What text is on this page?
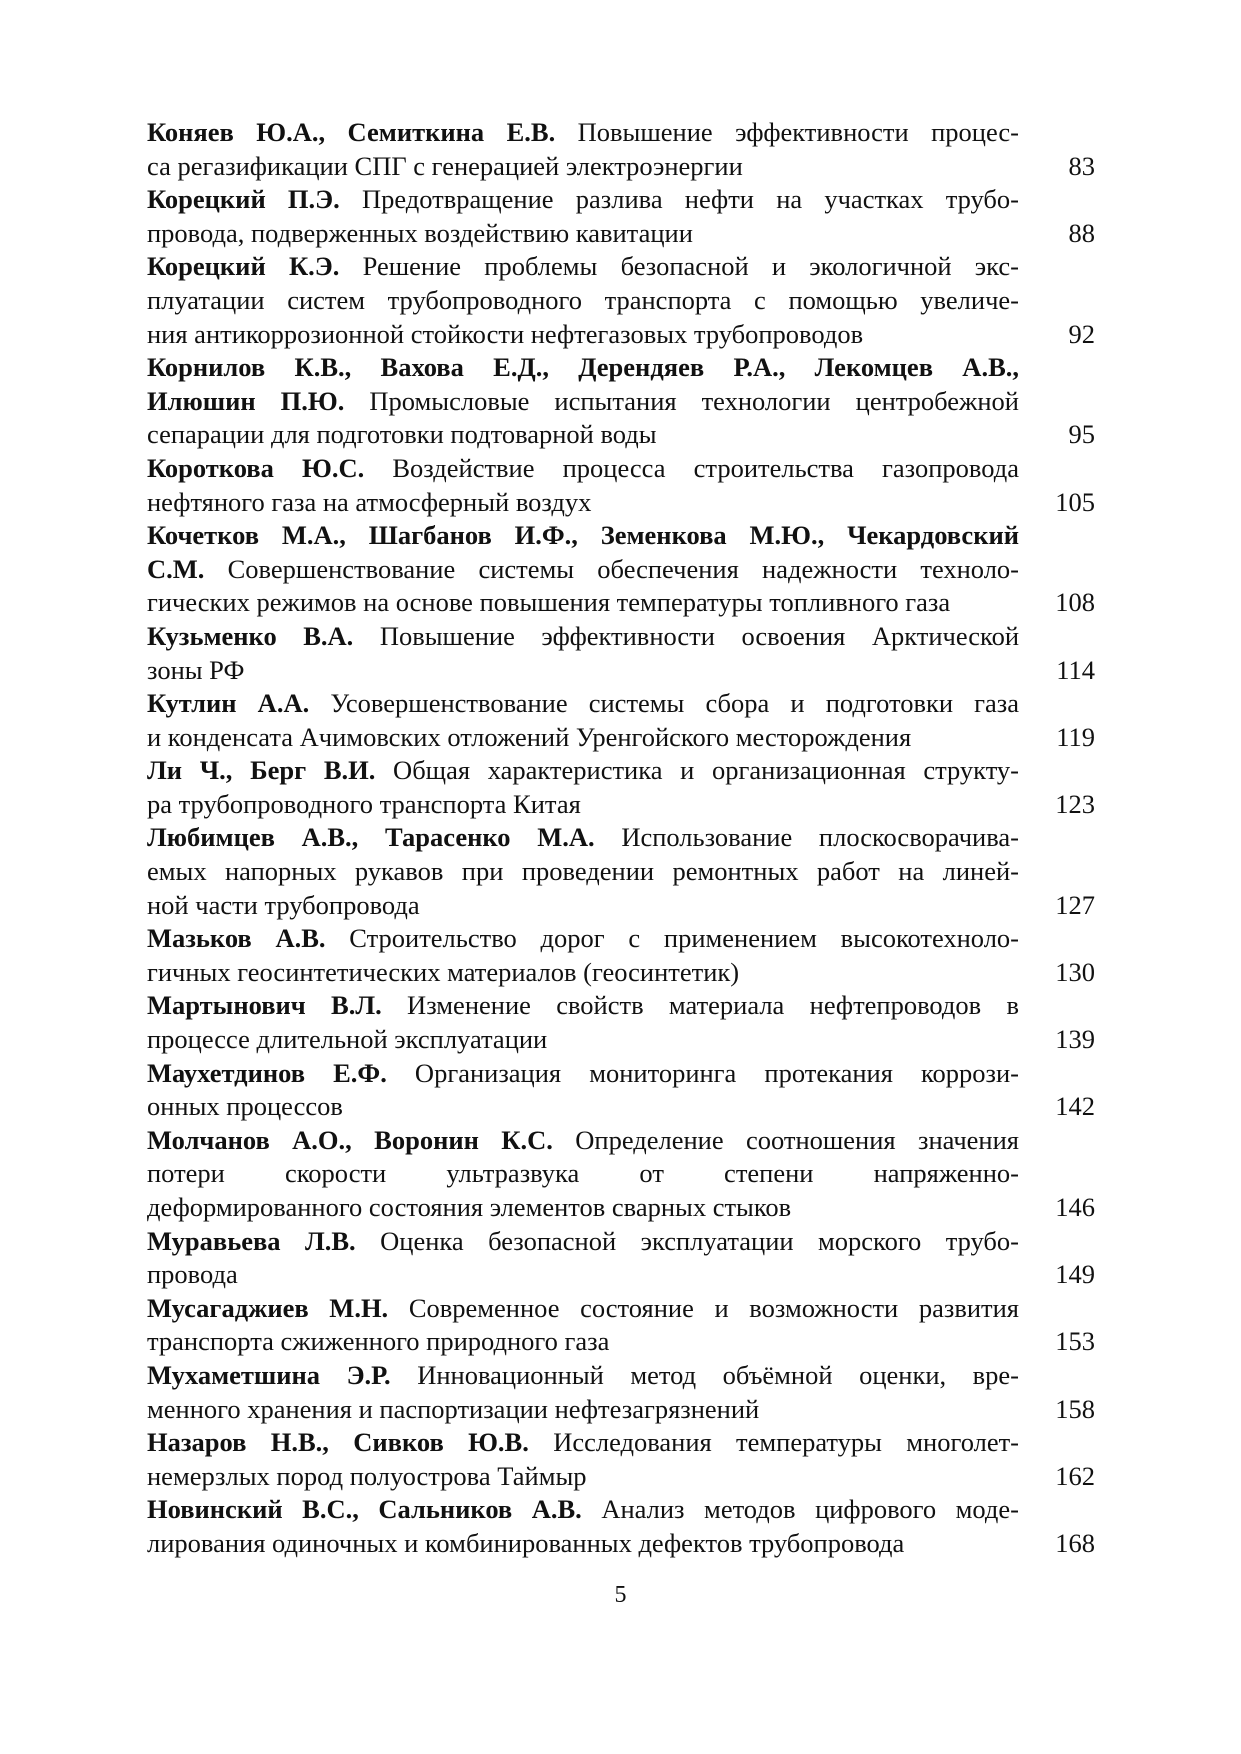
Коняев Ю.А., Семиткина Е.В. Повышение эффективности процес-
са регазификации СПГ с генерацией электроэнергии	83
Корецкий П.Э. Предотвращение разлива нефти на участках трубо-
провода, подверженных воздействию кавитации	88
Корецкий К.Э. Решение проблемы безопасной и экологичной экс-
плуатации систем трубопроводного транспорта с помощью увеличе-
ния антикоррозионной стойкости нефтегазовых трубопроводов	92
Корнилов К.В., Вахова Е.Д., Дерендяев Р.А., Лекомцев А.В.,
Илюшин П.Ю. Промысловые испытания технологии центробежной
сепарации для подготовки подтоварной воды	95
Короткова Ю.С. Воздействие процесса строительства газопровода
нефтяного газа на атмосферный воздух	105
Кочетков М.А., Шагбанов И.Ф., Земенкова М.Ю., Чекардовский
С.М. Совершенствование системы обеспечения надежности техноло-
гических режимов на основе повышения температуры топливного газа	108
Кузьменко В.А. Повышение эффективности освоения Арктической
зоны РФ	114
Кутлин А.А. Усовершенствование системы сбора и подготовки газа
и конденсата Ачимовских отложений Уренгойского месторождения	119
Ли Ч., Берг В.И. Общая характеристика и организационная структу-
ра трубопроводного транспорта Китая	123
Любимцев А.В., Тарасенко М.А. Использование плоскосворачива-
емых напорных рукавов при проведении ремонтных работ на линей-
ной части трубопровода	127
Мазьков А.В. Строительство дорог с применением высокотехноло-
гичных геосинтетических материалов (геосинтетик)	130
Мартынович В.Л. Изменение свойств материала нефтепроводов в
процессе длительной эксплуатации	139
Маухетдинов Е.Ф. Организация мониторинга протекания коррози-
онных процессов	142
Молчанов А.О., Воронин К.С. Определение соотношения значения
потери скорости ультразвука от степени напряженно-
деформированного состояния элементов сварных стыков	146
Муравьева Л.В. Оценка безопасной эксплуатации морского трубо-
провода	149
Мусагаджиев М.Н. Современное состояние и возможности развития
транспорта сжиженного природного газа	153
Мухаметшина Э.Р. Инновационный метод объёмной оценки, вре-
менного хранения и паспортизации нефтезагрязнений	158
Назаров Н.В., Сивков Ю.В. Исследования температуры многолет-
немерзлых пород полуострова Таймыр	162
Новинский В.С., Сальников А.В. Анализ методов цифрового моде-
лирования одиночных и комбинированных дефектов трубопровода	168
5
